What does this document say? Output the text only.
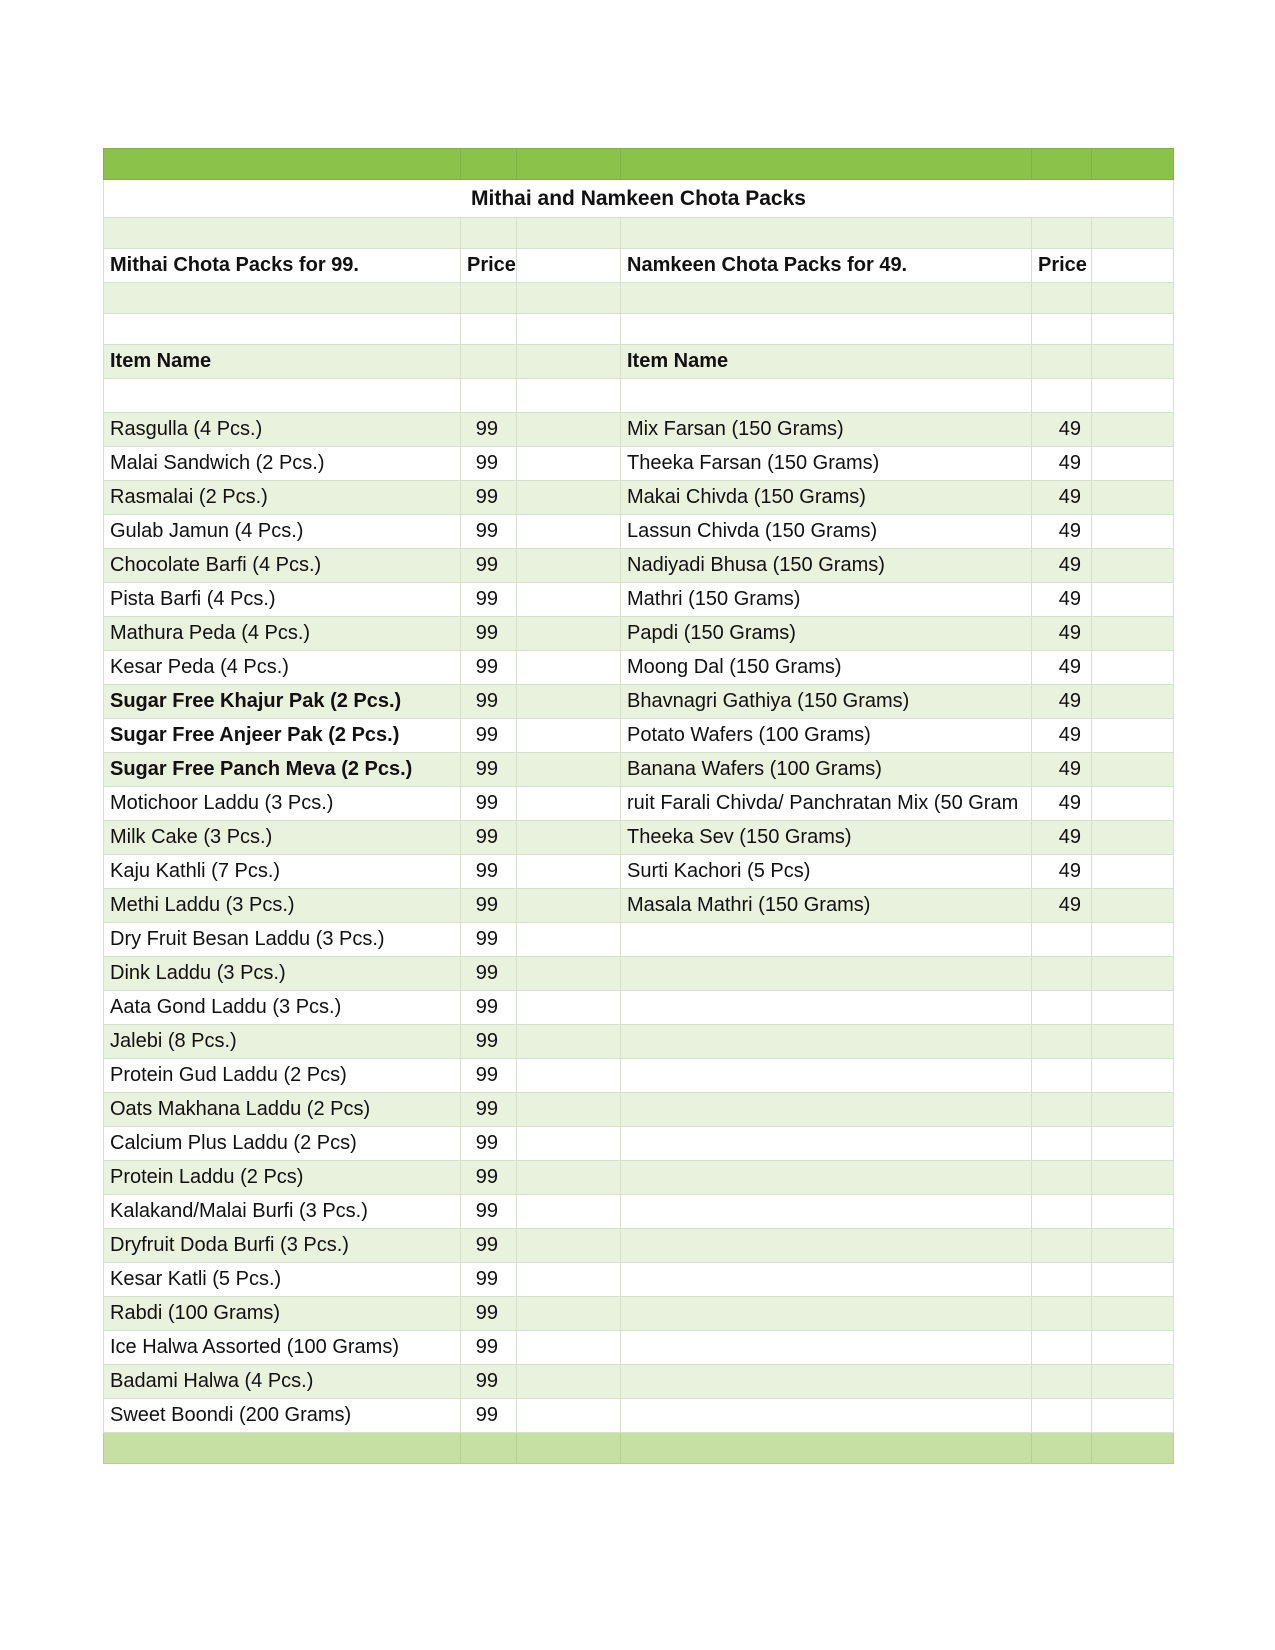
Mithai and Namkeen Chota Packs					

Mithai Chota Packs for 99.	Price		Namkeen Chota Packs for 49.	Price	

Item Name			Item Name		

Rasgulla (4 Pcs.)	99		Mix Farsan (150 Grams)	49	
Malai Sandwich (2 Pcs.)	99		Theeka Farsan (150 Grams)	49	
Rasmalai (2 Pcs.)	99		Makai Chivda (150 Grams)	49	
Gulab Jamun (4 Pcs.)	99		Lassun Chivda (150 Grams)	49	
Chocolate Barfi (4 Pcs.)	99		Nadiyadi Bhusa (150 Grams)	49	
Pista Barfi (4 Pcs.)	99		Mathri (150 Grams)	49	
Mathura Peda (4 Pcs.)	99		Papdi (150 Grams)	49	
Kesar Peda (4 Pcs.)	99		Moong Dal (150 Grams)	49	
Sugar Free Khajur Pak (2 Pcs.)	99		Bhavnagri Gathiya (150 Grams)	49	
Sugar Free Anjeer Pak (2 Pcs.)	99		Potato Wafers (100 Grams)	49	
Sugar Free Panch Meva (2 Pcs.)	99		Banana Wafers (100 Grams)	49	
Motichoor Laddu (3 Pcs.)	99		ruit Farali Chivda/ Panchratan Mix (50 Gram	49	
Milk Cake (3 Pcs.)	99		Theeka Sev (150 Grams)	49	
Kaju Kathli (7 Pcs.)	99		Surti Kachori (5 Pcs)	49	
Methi Laddu (3 Pcs.)	99		Masala Mathri (150 Grams)	49	
Dry Fruit Besan Laddu (3 Pcs.)	99				
Dink Laddu (3 Pcs.)	99				
Aata Gond Laddu (3 Pcs.)	99				
Jalebi (8 Pcs.)	99				
Protein Gud Laddu (2 Pcs)	99				
Oats Makhana Laddu (2 Pcs)	99				
Calcium Plus Laddu (2 Pcs)	99				
Protein Laddu (2 Pcs)	99				
Kalakand/Malai Burfi (3 Pcs.)	99				
Dryfruit Doda Burfi (3 Pcs.)	99				
Kesar Katli (5 Pcs.)	99				
Rabdi (100 Grams)	99				
Ice Halwa Assorted (100 Grams)	99				
Badami Halwa (4 Pcs.)	99				
Sweet Boondi (200 Grams)	99				
